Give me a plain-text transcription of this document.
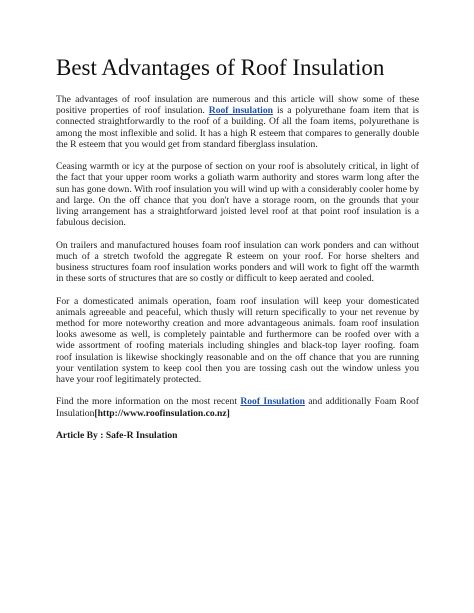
Best Advantages of Roof Insulation

The advantages of roof insulation are numerous and this article will show some of these positive properties of roof insulation. Roof insulation is a polyurethane foam item that is connected straightforwardly to the roof of a building. Of all the foam items, polyurethane is among the most inflexible and solid. It has a high R esteem that compares to generally double the R esteem that you would get from standard fiberglass insulation.

Ceasing warmth or icy at the purpose of section on your roof is absolutely critical, in light of the fact that your upper room works a goliath warm authority and stores warm long after the sun has gone down. With roof insulation you will wind up with a considerably cooler home by and large. On the off chance that you don't have a storage room, on the grounds that your living arrangement has a straightforward joisted level roof at that point roof insulation is a fabulous decision.

On trailers and manufactured houses foam roof insulation can work ponders and can without much of a stretch twofold the aggregate R esteem on your roof. For horse shelters and business structures foam roof insulation works ponders and will work to fight off the warmth in these sorts of structures that are so costly or difficult to keep aerated and cooled.

For a domesticated animals operation, foam roof insulation will keep your domesticated animals agreeable and peaceful, which thusly will return specifically to your net revenue by method for more noteworthy creation and more advantageous animals. foam roof insulation looks awesome as well, is completely paintable and furthermore can be roofed over with a wide assortment of roofing materials including shingles and black-top layer roofing. foam roof insulation is likewise shockingly reasonable and on the off chance that you are running your ventilation system to keep cool then you are tossing cash out the window unless you have your roof legitimately protected.

Find the more information on the most recent Roof Insulation and additionally Foam Roof Insulation[http://www.roofinsulation.co.nz]

Article By : Safe-R Insulation
